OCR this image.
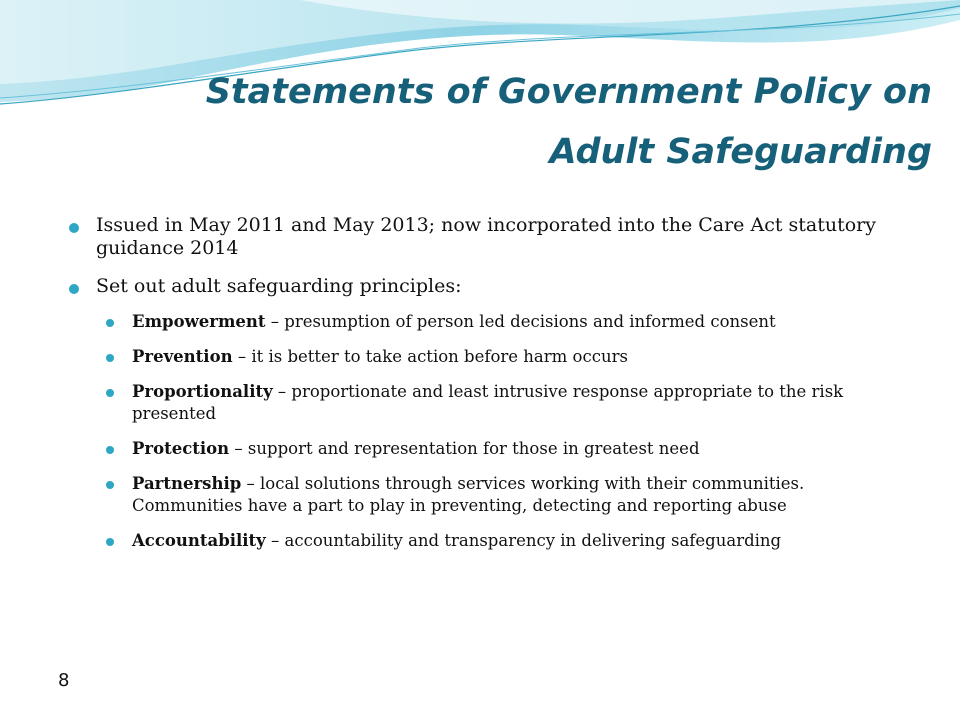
Statements of Government Policy on
Adult Safeguarding
Issued in May 2011 and May 2013; now incorporated into the Care Act statutory guidance 2014
Set out adult safeguarding principles:
Empowerment – presumption of person led decisions and informed consent
Prevention – it is better to take action before harm occurs
Proportionality – proportionate and least intrusive response appropriate to the risk presented
Protection – support and representation for those in greatest need
Partnership – local solutions through services working with their communities. Communities have a part to play in preventing, detecting and reporting abuse
Accountability – accountability and transparency in delivering safeguarding
8
